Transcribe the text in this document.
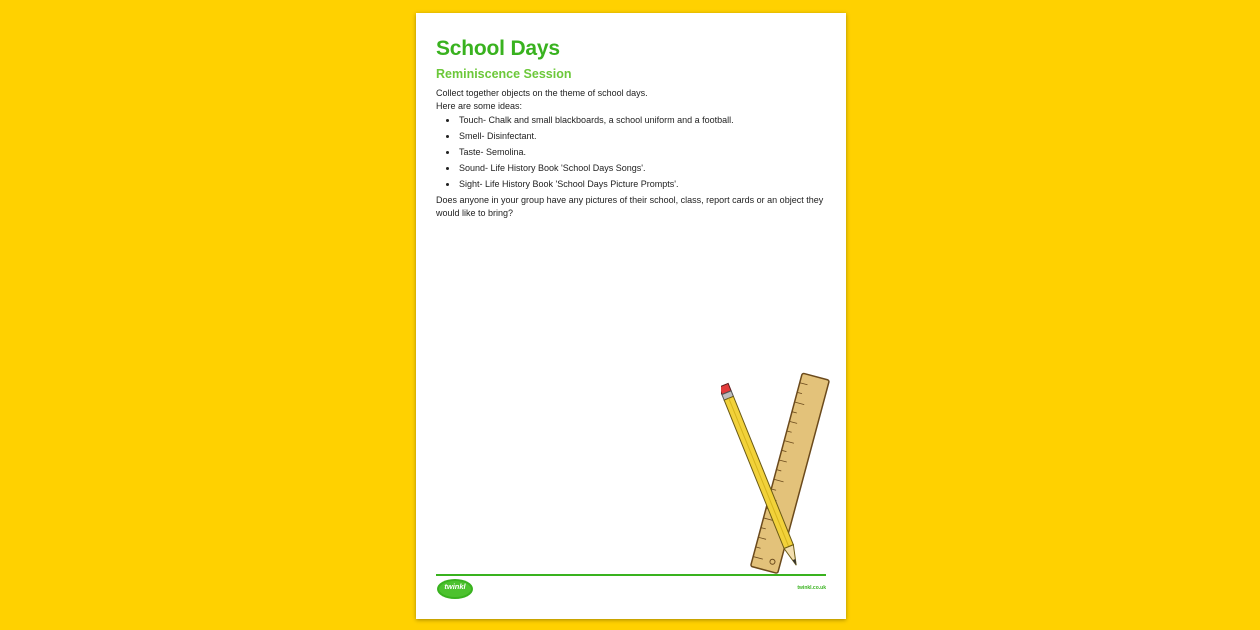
School Days
Reminiscence Session

Collect together objects on the theme of school days.

Here are some ideas:

• Touch- Chalk and small blackboards, a school uniform and a football.
• Smell- Disinfectant.
• Taste- Semolina.
• Sound- Life History Book 'School Days Songs'.
• Sight- Life History Book 'School Days Picture Prompts'.

Does anyone in your group have any pictures of their school, class, report cards or an object they would like to bring?

twinkl	twinkl.co.uk
